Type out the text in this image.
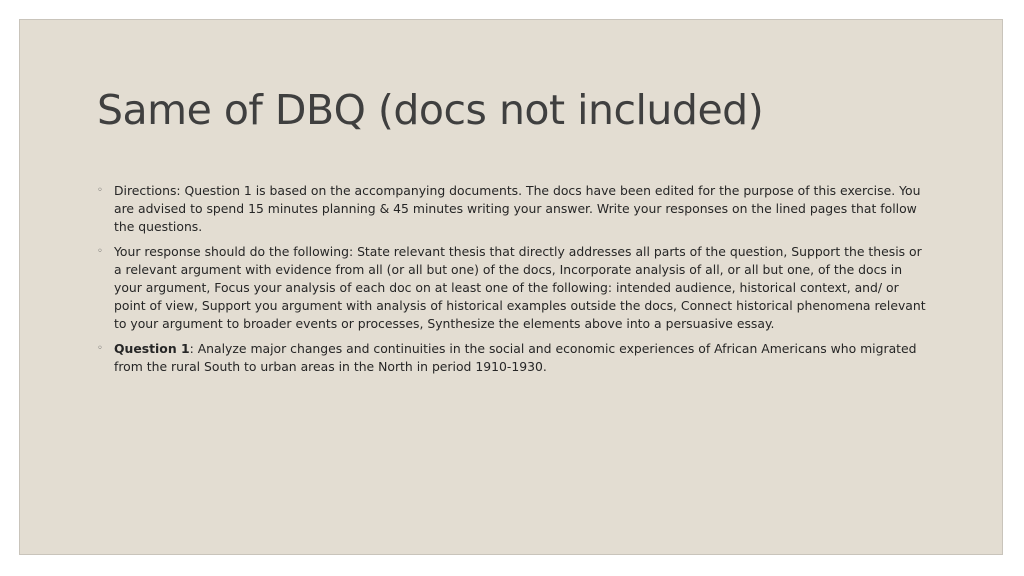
Same of DBQ (docs not included)
◦ Directions: Question 1 is based on the accompanying documents. The docs have been edited for the purpose of this exercise. You are advised to spend 15 minutes planning & 45 minutes writing your answer. Write your responses on the lined pages that follow the questions.
◦ Your response should do the following: State relevant thesis that directly addresses all parts of the question, Support the thesis or a relevant argument with evidence from all (or all but one) of the docs, Incorporate analysis of all, or all but one, of the docs in your argument, Focus your analysis of each doc on at least one of the following: intended audience, historical context, and/ or point of view, Support you argument with analysis of historical examples outside the docs, Connect historical phenomena relevant to your argument to broader events or processes, Synthesize the elements above into a persuasive essay.
◦ Question 1: Analyze major changes and continuities in the social and economic experiences of African Americans who migrated from the rural South to urban areas in the North in period 1910-1930.
